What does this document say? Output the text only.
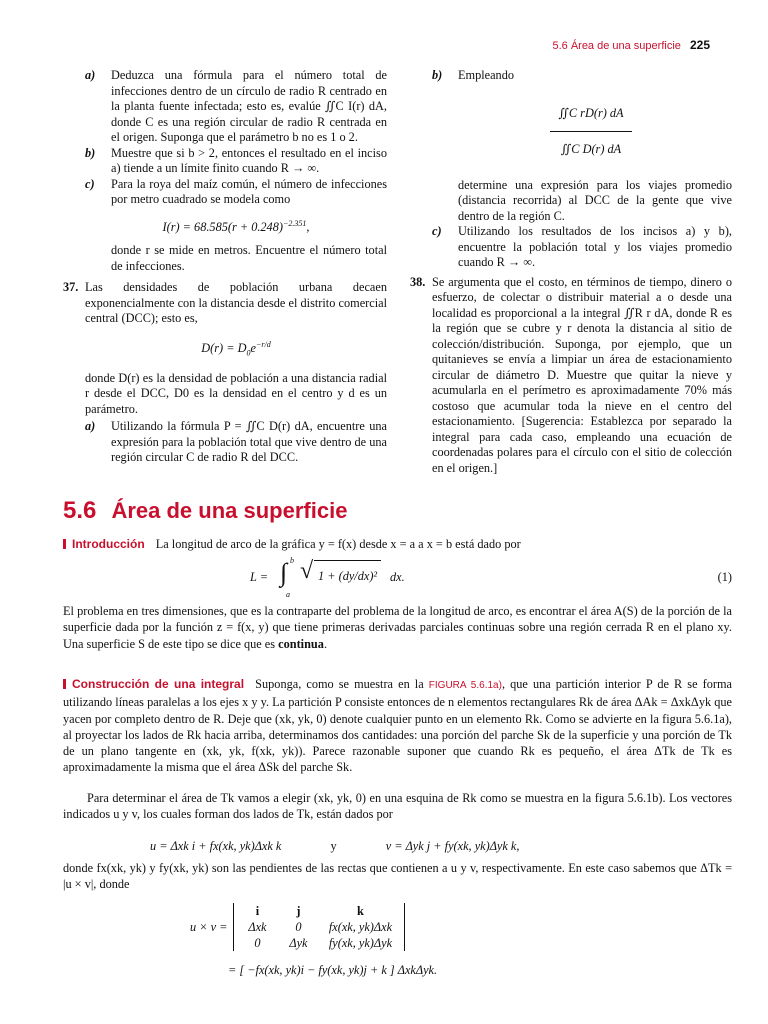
5.6 Área de una superficie 225
a) Deduzca una fórmula para el número total de infecciones dentro de un círculo de radio R centrado en la planta fuente infectada; esto es, evalúe ∬C I(r) dA, donde C es una región circular de radio R centrada en el origen. Suponga que el parámetro b no es 1 o 2.
b) Muestre que si b > 2, entonces el resultado en el inciso a) tiende a un límite finito cuando R → ∞.
c) Para la roya del maíz común, el número de infecciones por metro cuadrado se modela como
$I(r) = 68.585(r + 0.248)^{-2.351}$,
donde r se mide en metros. Encuentre el número total de infecciones.
37. Las densidades de población urbana decaen exponencialmente con la distancia desde el distrito comercial central (DCC); esto es,
$D(r) = D_0e^{-r/d}$
donde D(r) es la densidad de población a una distancia radial r desde el DCC, D0 es la densidad en el centro y d es un parámetro.
a) Utilizando la fórmula P = ∬C D(r) dA, encuentre una expresión para la población total que vive dentro de una región circular C de radio R del DCC.
b) Empleando
$\frac{\text{∬C rD(r) dA}}{\text{∬C D(r) dA}}$
determine una expresión para los viajes promedio (distancia recorrida) al DCC de la gente que vive dentro de la región C.
c) Utilizando los resultados de los incisos a) y b), encuentre la población total y los viajes promedio cuando R → ∞.
38. Se argumenta que el costo, en términos de tiempo, dinero o esfuerzo, de colectar o distribuir material a o desde una localidad es proporcional a la integral ∬R r dA, donde R es la región que se cubre y r denota la distancia al sitio de colección/distribución. Suponga, por ejemplo, que un quitanieves se envía a limpiar un área de estacionamiento circular de diámetro D. Muestre que quitar la nieve y acumularla en el perímetro es aproximadamente 70% más costoso que acumular toda la nieve en el centro del estacionamiento. [Sugerencia: Establezca por separado la integral para cada caso, empleando una ecuación de coordenadas polares para el círculo con el sitio de colección en el origen.]
5.6 Área de una superficie
Introducción La longitud de arco de la gráfica y = f(x) desde x = a a x = b está dado por
L = ∫ b
a
√ 1 + (dy/dx)²	dx.	(1)
El problema en tres dimensiones, que es la contraparte del problema de la longitud de arco, es encontrar el área A(S) de la porción de la superficie dada por la función z = f(x, y) que tiene primeras derivadas parciales continuas sobre una región cerrada R en el plano xy. Una superficie S de este tipo se dice que es continua.
Construcción de una integral Suponga, como se muestra en la FIGURA 5.6.1a), que una partición interior P de R se forma utilizando líneas paralelas a los ejes x y y. La partición P consiste entonces de n elementos rectangulares Rk de área ΔAk = ΔxkΔyk que yacen por completo dentro de R. Deje que (xk, yk, 0) denote cualquier punto en un elemento Rk. Como se advierte en la figura 5.6.1a), al proyectar los lados de Rk hacia arriba, determinamos dos cantidades: una porción del parche Sk de la superficie y una porción de Tk de un plano tangente en (xk, yk, f(xk, yk)). Parece razonable suponer que cuando Rk es pequeño, el área ΔTk de Tk es aproximadamente la misma que el área ΔSk del parche Sk.
Para determinar el área de Tk vamos a elegir (xk, yk, 0) en una esquina de Rk como se muestra en la figura 5.6.1b). Los vectores indicados u y v, los cuales forman dos lados de Tk, están dados por
u = Δxk i + fx(xk, yk)Δxk k	y	v = Δyk j + fy(xk, yk)Δyk k,
donde fx(xk, yk) y fy(xk, yk) son las pendientes de las rectas que contienen a u y v, respectivamente. En este caso sabemos que ΔTk = |u × v|, donde
u × v =
i	j	k
Δxk	0	fx(xk, yk)Δxk
0	Δyk	fy(xk, yk)Δyk
= [ −fx(xk, yk)i − fy(xk, yk)j + k ] ΔxkΔyk.
